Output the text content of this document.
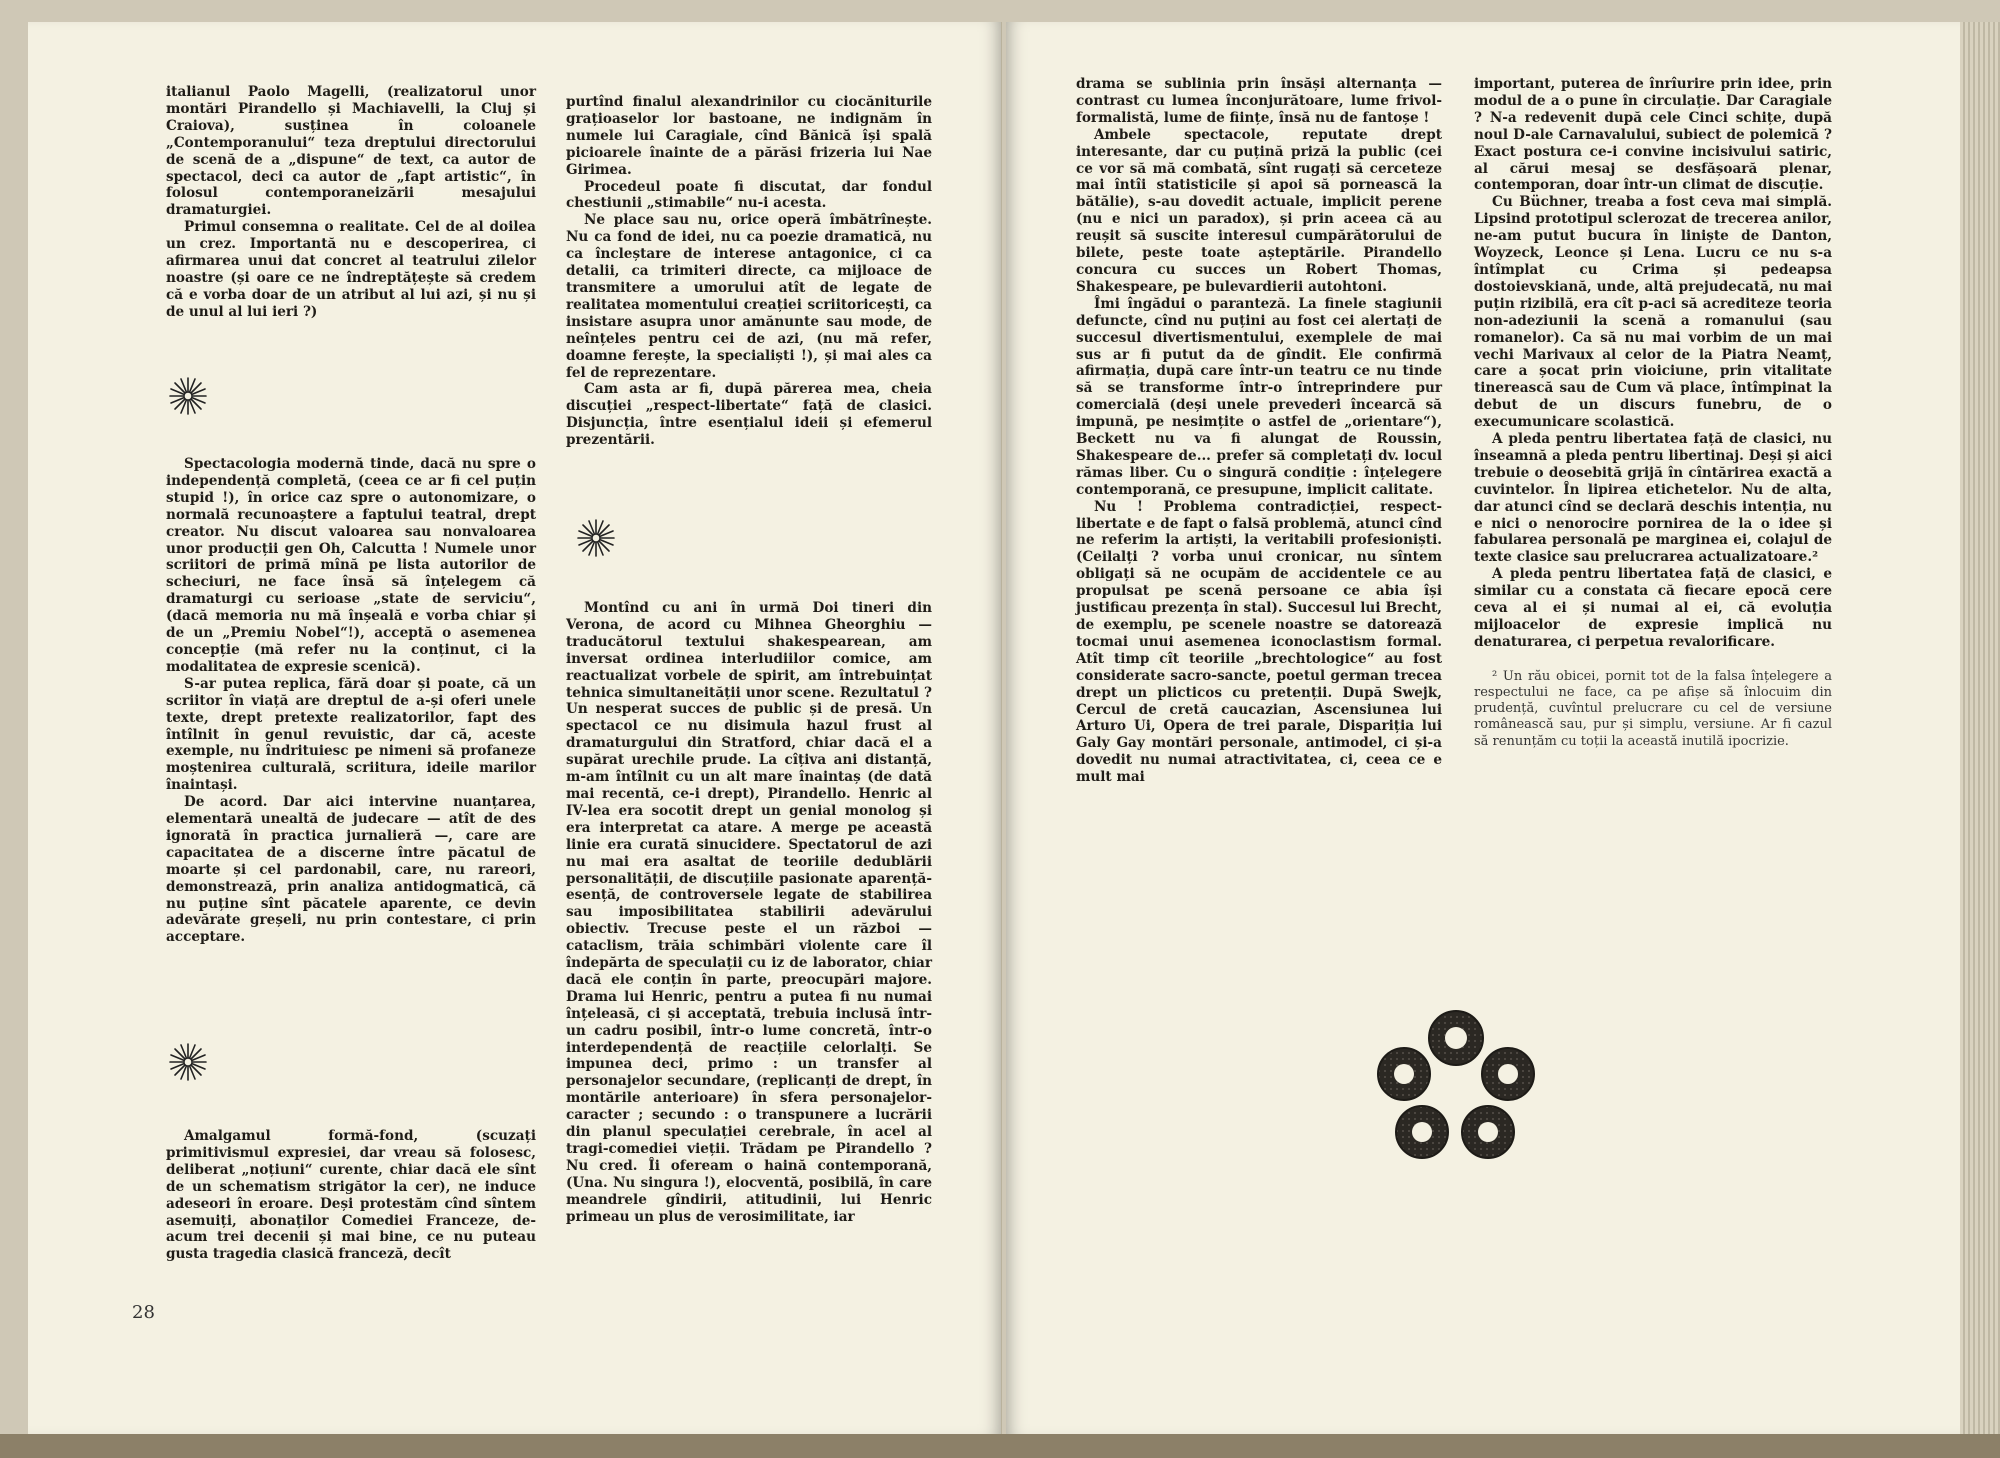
italianul Paolo Magelli, (realizatorul unor montări Pirandello și Machiavelli, la Cluj și Craiova), susținea în coloanele „Contemporanului“ teza dreptului directorului de scenă de a „dispune“ de text, ca autor de spectacol, deci ca autor de „fapt artistic“, în folosul contemporaneizării mesajului dramaturgiei.

Primul consemna o realitate. Cel de al doilea un crez. Importantă nu e descoperirea, ci afirmarea unui dat concret al teatrului zilelor noastre (și oare ce ne îndreptățește să credem că e vorba doar de un atribut al lui azi, și nu și de unul al lui ieri ?)

Spectacologia modernă tinde, dacă nu spre o independență completă, (ceea ce ar fi cel puțin stupid !), în orice caz spre o autonomizare, o normală recunoaștere a faptului teatral, drept creator. Nu discut valoarea sau nonvaloarea unor producții gen Oh, Calcutta ! Numele unor scriitori de primă mînă pe lista autorilor de scheciuri, ne face însă să înțelegem că dramaturgi cu serioase „state de serviciu“, (dacă memoria nu mă înșeală e vorba chiar și de un „Premiu Nobel“!), acceptă o asemenea concepție (mă refer nu la conținut, ci la modalitatea de expresie scenică).

S-ar putea replica, fără doar și poate, că un scriitor în viață are dreptul de a-și oferi unele texte, drept pretexte realizatorilor, fapt des întîlnit în genul revuistic, dar că, aceste exemple, nu îndrituiesc pe nimeni să profaneze moștenirea culturală, scriitura, ideile marilor înaintași.

De acord. Dar aici intervine nuanțarea, elementară unealtă de judecare — atît de des ignorată în practica jurnalieră —, care are capacitatea de a discerne între păcatul de moarte și cel pardonabil, care, nu rareori, demonstrează, prin analiza antidogmatică, că nu puține sînt păcatele aparente, ce devin adevărate greșeli, nu prin contestare, ci prin acceptare.

Amalgamul formă-fond, (scuzați primitivismul expresiei, dar vreau să folosesc, deliberat „noțiuni“ curente, chiar dacă ele sînt de un schematism strigător la cer), ne induce adeseori în eroare. Deși protestăm cînd sîntem asemuiți, abonaților Comediei Franceze, de-acum trei decenii și mai bine, ce nu puteau gusta tragedia clasică franceză, decît

28

purtînd finalul alexandrinilor cu ciocăniturile grațioaselor lor bastoane, ne indignăm în numele lui Caragiale, cînd Bănică își spală picioarele înainte de a părăsi frizeria lui Nae Girimea.

Procedeul poate fi discutat, dar fondul chestiunii „stimabile“ nu-i acesta.

Ne place sau nu, orice operă îmbătrînește. Nu ca fond de idei, nu ca poezie dramatică, nu ca încleștare de interese antagonice, ci ca detalii, ca trimiteri directe, ca mijloace de transmitere a umorului atît de legate de realitatea momentului creației scriitoricești, ca insistare asupra unor amănunte sau mode, de neînțeles pentru cei de azi, (nu mă refer, doamne ferește, la specialiști !), și mai ales ca fel de reprezentare.

Cam asta ar fi, după părerea mea, cheia discuției „respect-libertate“ față de clasici. Disjuncția, între esențialul ideii și efemerul prezentării.

Montînd cu ani în urmă Doi tineri din Verona, de acord cu Mihnea Gheorghiu — traducătorul textului shakespearean, am inversat ordinea interludiilor comice, am reactualizat vorbele de spirit, am întrebuințat tehnica simultaneității unor scene. Rezultatul ? Un nesperat succes de public și de presă. Un spectacol ce nu disimula hazul frust al dramaturgului din Stratford, chiar dacă el a supărat urechile prude. La cîțiva ani distanță, m-am întîlnit cu un alt mare înaintaș (de dată mai recentă, ce-i drept), Pirandello. Henric al IV-lea era socotit drept un genial monolog și era interpretat ca atare. A merge pe această linie era curată sinucidere. Spectatorul de azi nu mai era asaltat de teoriile dedublării personalității, de discuțiile pasionate aparență-esență, de controversele legate de stabilirea sau imposibilitatea stabilirii adevărului obiectiv. Trecuse peste el un război — cataclism, trăia schimbări violente care îl îndepărta de speculații cu iz de laborator, chiar dacă ele conțin în parte, preocupări majore. Drama lui Henric, pentru a putea fi nu numai înțeleasă, ci și acceptată, trebuia inclusă într-un cadru posibil, într-o lume concretă, într-o interdependență de reacțiile celorlalți. Se impunea deci, primo : un transfer al personajelor secundare, (replicanți de drept, în montările anterioare) în sfera personajelor-caracter ; secundo : o transpunere a lucrării din planul speculației cerebrale, în acel al tragi-comediei vieții. Trădam pe Pirandello ? Nu cred. Îi ofeream o haină contemporană, (Una. Nu singura !), elocventă, posibilă, în care meandrele gîndirii, atitudinii, lui Henric primeau un plus de verosimilitate, iar

drama se sublinia prin însăși alternanța — contrast cu lumea înconjurătoare, lume frivol-formalistă, lume de ființe, însă nu de fantoșe !

Ambele spectacole, reputate drept interesante, dar cu puțină priză la public (cei ce vor să mă combată, sînt rugați să cerceteze mai întîi statisticile și apoi să pornească la bătălie), s-au dovedit actuale, implicit perene (nu e nici un paradox), și prin aceea că au reușit să suscite interesul cumpărătorului de bilete, peste toate așteptările. Pirandello concura cu succes un Robert Thomas, Shakespeare, pe bulevardierii autohtoni.

Îmi îngădui o paranteză. La finele stagiunii defuncte, cînd nu puțini au fost cei alertați de succesul divertismentului, exemplele de mai sus ar fi putut da de gîndit. Ele confirmă afirmația, după care într-un teatru ce nu tinde să se transforme într-o întreprindere pur comercială (deși unele prevederi încearcă să impună, pe nesimțite o astfel de „orientare“), Beckett nu va fi alungat de Roussin, Shakespeare de... prefer să completați dv. locul rămas liber. Cu o singură condiție : înțelegere contemporană, ce presupune, implicit calitate.

Nu ! Problema contradicției, respect-libertate e de fapt o falsă problemă, atunci cînd ne referim la artiști, la veritabili profesioniști. (Ceilalți ? vorba unui cronicar, nu sîntem obligați să ne ocupăm de accidentele ce au propulsat pe scenă persoane ce abia își justificau prezența în stal). Succesul lui Brecht, de exemplu, pe scenele noastre se datorează tocmai unui asemenea iconoclastism formal. Atît timp cît teoriile „brechtologice“ au fost considerate sacro-sancte, poetul german trecea drept un plicticos cu pretenții. După Swejk, Cercul de cretă caucazian, Ascensiunea lui Arturo Ui, Opera de trei parale, Dispariția lui Galy Gay montări personale, antimodel, ci și-a dovedit nu numai atractivitatea, ci, ceea ce e mult mai

important, puterea de înrîurire prin idee, prin modul de a o pune în circulație. Dar Caragiale ? N-a redevenit după cele Cinci schițe, după noul D-ale Carnavalului, subiect de polemică ? Exact postura ce-i convine incisivului satiric, al cărui mesaj se desfășoară plenar, contemporan, doar într-un climat de discuție.

Cu Büchner, treaba a fost ceva mai simplă. Lipsind prototipul sclerozat de trecerea anilor, ne-am putut bucura în liniște de Danton, Woyzeck, Leonce și Lena. Lucru ce nu s-a întîmplat cu Crima și pedeapsa dostoievskiană, unde, altă prejudecată, nu mai puțin rizibilă, era cît p-aci să acrediteze teoria non-adeziunii la scenă a romanului (sau romanelor). Ca să nu mai vorbim de un mai vechi Marivaux al celor de la Piatra Neamț, care a șocat prin vioiciune, prin vitalitate tinerească sau de Cum vă place, întîmpinat la debut de un discurs funebru, de o execumunicare scolastică.

A pleda pentru libertatea față de clasici, nu înseamnă a pleda pentru libertinaj. Deși și aici trebuie o deosebită grijă în cîntărirea exactă a cuvintelor. În lipirea etichetelor. Nu de alta, dar atunci cînd se declară deschis intenția, nu e nici o nenorocire pornirea de la o idee și fabularea personală pe marginea ei, colajul de texte clasice sau prelucrarea actualizatoare.²

A pleda pentru libertatea față de clasici, e similar cu a constata că fiecare epocă cere ceva al ei și numai al ei, că evoluția mijloacelor de expresie implică nu denaturarea, ci perpetua revalorificare.

² Un rău obicei, pornit tot de la falsa înțelegere a respectului ne face, ca pe afișe să înlocuim din prudență, cuvîntul prelucrare cu cel de versiune românească sau, pur și simplu, versiune. Ar fi cazul să renunțăm cu toții la această inutilă ipocrizie.
